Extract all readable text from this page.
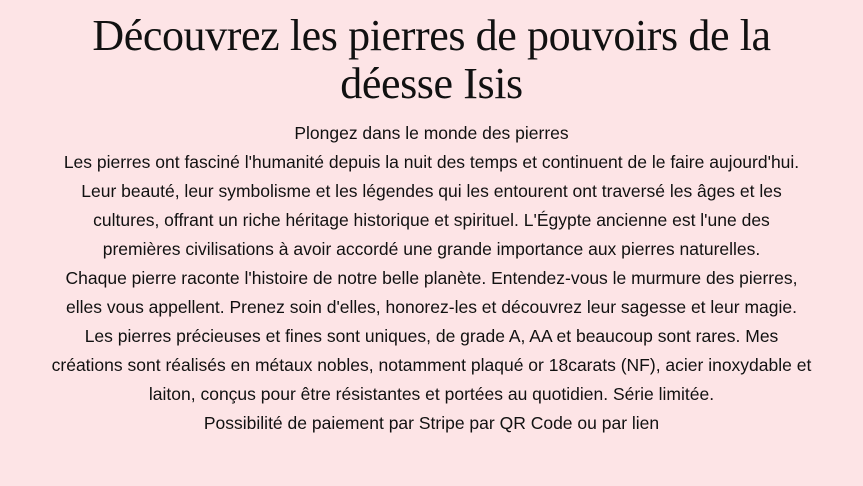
Découvrez les pierres de pouvoirs de la
déesse Isis

Plongez dans le monde des pierres

Les pierres ont fasciné l'humanité depuis la nuit des temps et continuent de le faire aujourd'hui.

Leur beauté, leur symbolisme et les légendes qui les entourent ont traversé les âges et les

cultures, offrant un riche héritage historique et spirituel. L'Égypte ancienne est l'une des

premières civilisations à avoir accordé une grande importance aux pierres naturelles.

Chaque pierre raconte l'histoire de notre belle planète. Entendez-vous le murmure des pierres,

elles vous appellent. Prenez soin d'elles, honorez-les et découvrez leur sagesse et leur magie.

Les pierres précieuses et fines sont uniques, de grade A, AA et beaucoup sont rares. Mes

créations sont réalisés en métaux nobles, notamment plaqué or 18carats (NF), acier inoxydable et

laiton, conçus pour être résistantes et portées au quotidien. Série limitée.

Possibilité de paiement par Stripe par QR Code ou par lien
